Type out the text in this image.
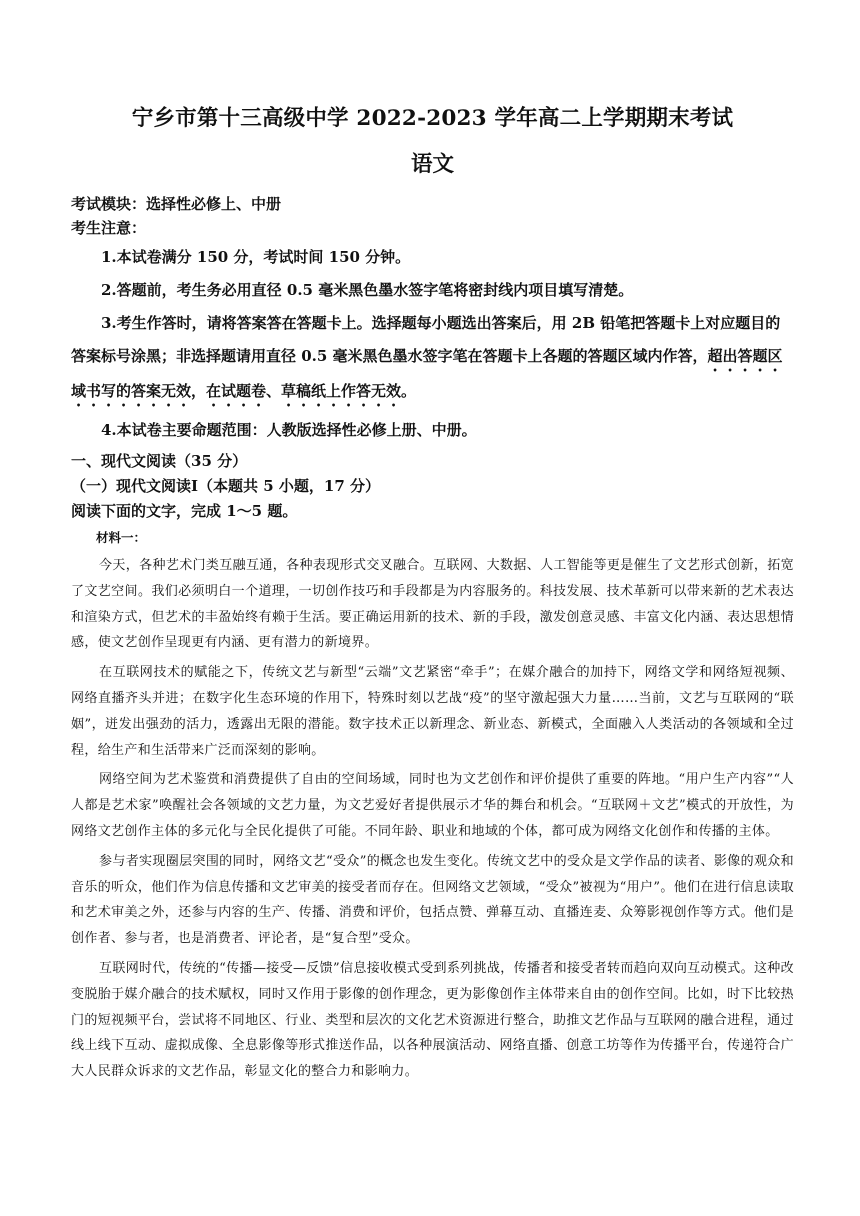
宁乡市第十三高级中学 2022-2023 学年高二上学期期末考试
语文

考试模块：选择性必修上、中册

考生注意：

1.本试卷满分 150 分，考试时间 150 分钟。

2.答题前，考生务必用直径 0.5 毫米黑色墨水签字笔将密封线内项目填写清楚。

3.考生作答时，请将答案答在答题卡上。选择题每小题选出答案后，用 2B 铅笔把答题卡上对应题目的答案标号涂黑；非选择题请用直径 0.5 毫米黑色墨水签字笔在答题卡上各题的答题区域内作答，超出答题区域书写的答案无效，在试题卷、草稿纸上作答无效。

4.本试卷主要命题范围：人教版选择性必修上册、中册。

一、现代文阅读（35 分）

（一）现代文阅读Ⅰ（本题共 5 小题，17 分）

阅读下面的文字，完成 1～5 题。

材料一：

今天，各种艺术门类互融互通，各种表现形式交叉融合。互联网、大数据、人工智能等更是催生了文艺形式创新，拓宽了文艺空间。我们必须明白一个道理，一切创作技巧和手段都是为内容服务的。科技发展、技术革新可以带来新的艺术表达和渲染方式，但艺术的丰盈始终有赖于生活。要正确运用新的技术、新的手段，激发创意灵感、丰富文化内涵、表达思想情感，使文艺创作呈现更有内涵、更有潜力的新境界。

在互联网技术的赋能之下，传统文艺与新型“云端”文艺紧密“牵手”；在媒介融合的加持下，网络文学和网络短视频、网络直播齐头并进；在数字化生态环境的作用下，特殊时刻以艺战“疫”的坚守激起强大力量……当前，文艺与互联网的“联姻”，迸发出强劲的活力，透露出无限的潜能。数字技术正以新理念、新业态、新模式，全面融入人类活动的各领域和全过程，给生产和生活带来广泛而深刻的影响。

网络空间为艺术鉴赏和消费提供了自由的空间场域，同时也为文艺创作和评价提供了重要的阵地。“用户生产内容”“人人都是艺术家”唤醒社会各领域的文艺力量，为文艺爱好者提供展示才华的舞台和机会。“互联网＋文艺”模式的开放性，为网络文艺创作主体的多元化与全民化提供了可能。不同年龄、职业和地域的个体，都可成为网络文化创作和传播的主体。

参与者实现圈层突围的同时，网络文艺“受众”的概念也发生变化。传统文艺中的受众是文学作品的读者、影像的观众和音乐的听众，他们作为信息传播和文艺审美的接受者而存在。但网络文艺领域，“受众”被视为“用户”。他们在进行信息读取和艺术审美之外，还参与内容的生产、传播、消费和评价，包括点赞、弹幕互动、直播连麦、众筹影视创作等方式。他们是创作者、参与者，也是消费者、评论者，是“复合型”受众。

互联网时代，传统的“传播—接受—反馈”信息接收模式受到系列挑战，传播者和接受者转而趋向双向互动模式。这种改变脱胎于媒介融合的技术赋权，同时又作用于影像的创作理念，更为影像创作主体带来自由的创作空间。比如，时下比较热门的短视频平台，尝试将不同地区、行业、类型和层次的文化艺术资源进行整合，助推文艺作品与互联网的融合进程，通过线上线下互动、虚拟成像、全息影像等形式推送作品，以各种展演活动、网络直播、创意工坊等作为传播平台，传递符合广大人民群众诉求的文艺作品，彰显文化的整合力和影响力。
